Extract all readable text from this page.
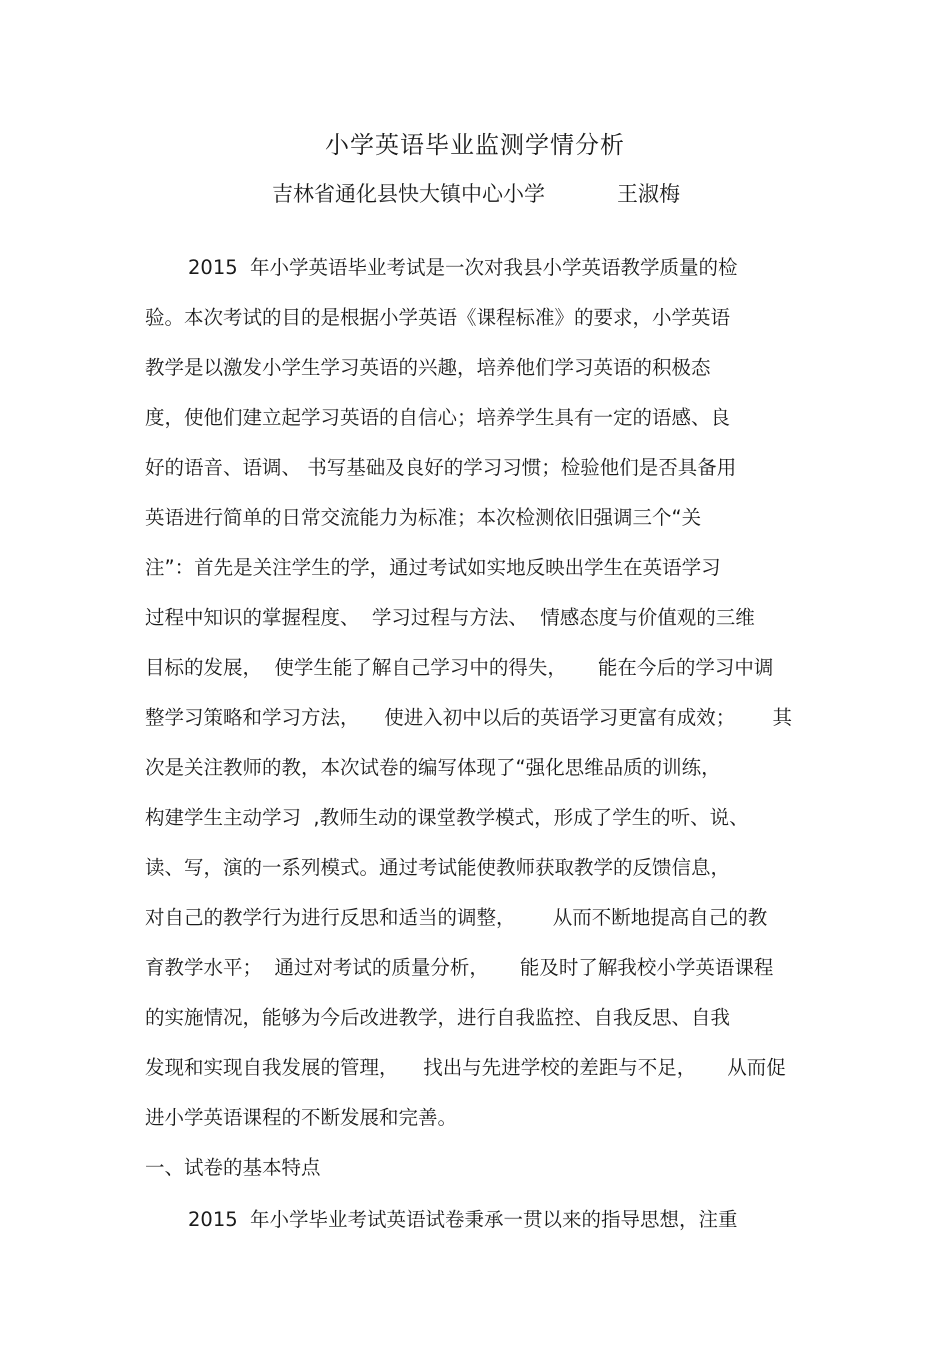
小学英语毕业监测学情分析
吉林省通化县快大镇中心小学	王淑梅
2015  年小学英语毕业考试是一次对我县小学英语教学质量的检
验。本次考试的目的是根据小学英语《课程标准》的要求，小学英语
教学是以激发小学生学习英语的兴趣，培养他们学习英语的积极态
度，使他们建立起学习英语的自信心；培养学生具有一定的语感、良
好的语音、语调、 书写基础及良好的学习习惯；检验他们是否具备用
英语进行简单的日常交流能力为标准；本次检测依旧强调三个“关
注”：首先是关注学生的学，通过考试如实地反映出学生在英语学习
过程中知识的掌握程度、  学习过程与方法、  情感态度与价值观的三维
目标的发展，  使学生能了解自己学习中的得失，     能在今后的学习中调
整学习策略和学习方法，    使进入初中以后的英语学习更富有成效；      其
次是关注教师的教，本次试卷的编写体现了“强化思维品质的训练，
构建学生主动学习  ,教师生动的课堂教学模式，形成了学生的听、说、
读、写，演的一系列模式。通过考试能使教师获取教学的反馈信息，
对自己的教学行为进行反思和适当的调整，      从而不断地提高自己的教
育教学水平；  通过对考试的质量分析，     能及时了解我校小学英语课程
的实施情况，能够为今后改进教学，进行自我监控、自我反思、自我
发现和实现自我发展的管理，    找出与先进学校的差距与不足，     从而促
进小学英语课程的不断发展和完善。
一、试卷的基本特点
2015  年小学毕业考试英语试卷秉承一贯以来的指导思想，注重
